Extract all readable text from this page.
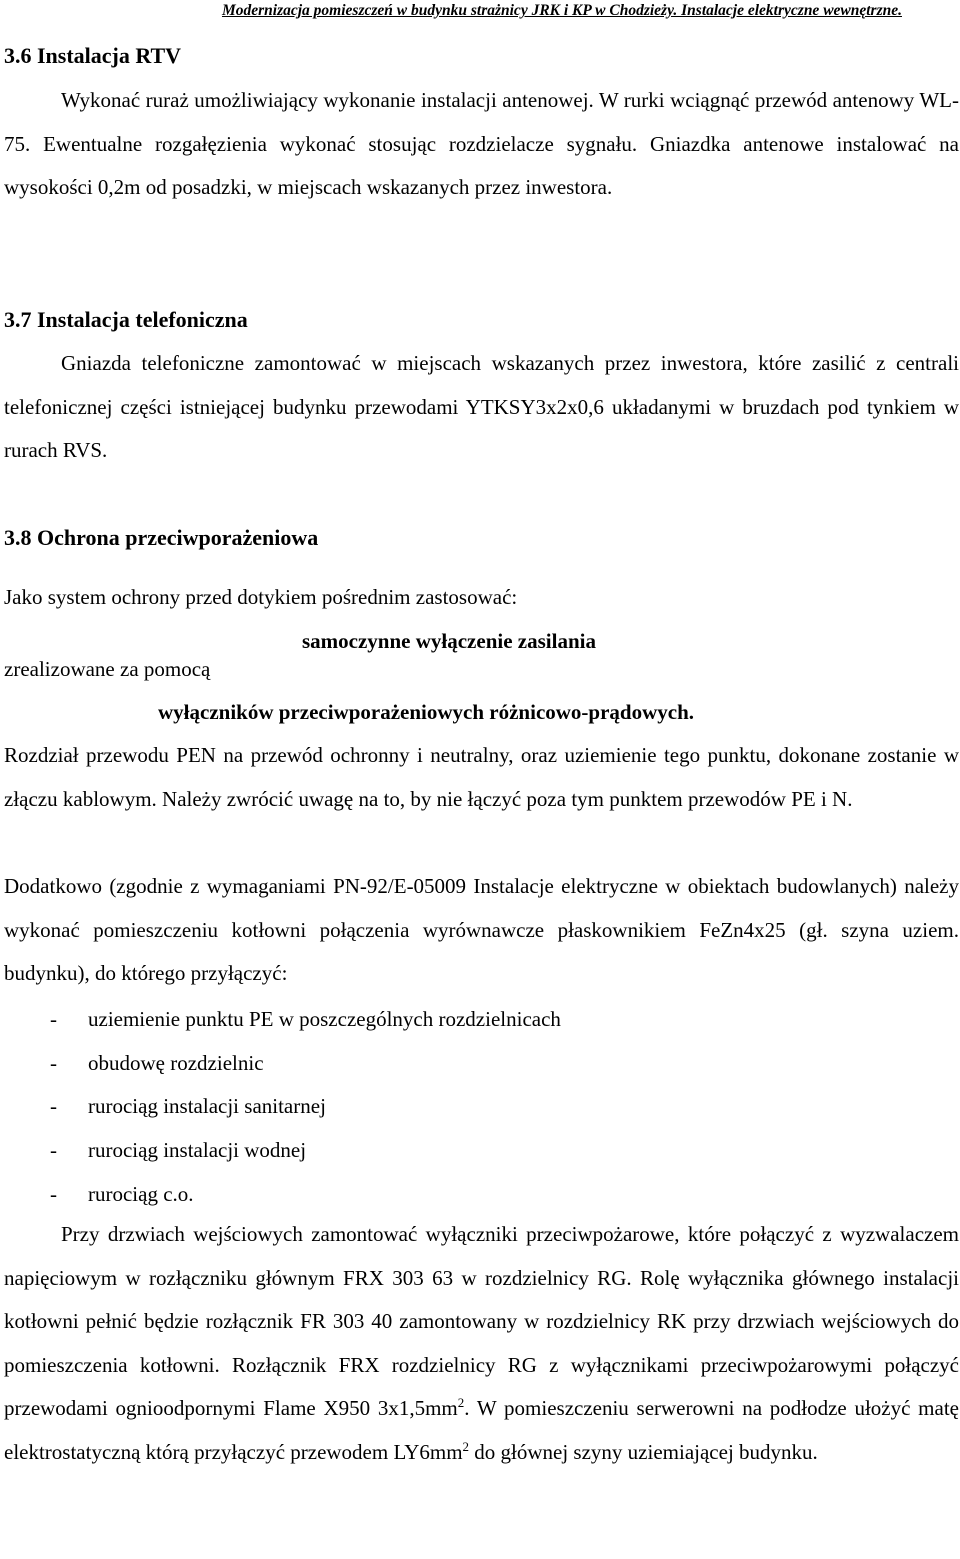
Modernizacja pomieszczeń w budynku strażnicy JRK i KP w Chodzieży. Instalacje elektryczne wewnętrzne.
3.6 Instalacja RTV
Wykonać ruraż umożliwiający wykonanie instalacji antenowej. W rurki wciągnąć przewód antenowy WL-75. Ewentualne rozgałęzienia wykonać stosując rozdzielacze sygnału. Gniazdka antenowe instalować na wysokości 0,2m od posadzki, w miejscach wskazanych przez inwestora.
3.7 Instalacja telefoniczna
Gniazda telefoniczne zamontować w miejscach wskazanych przez inwestora, które zasilić z centrali telefonicznej części istniejącej budynku przewodami YTKSY3x2x0,6 układanymi w bruzdach pod tynkiem w rurach RVS.
3.8 Ochrona przeciwporażeniowa
Jako system ochrony przed dotykiem pośrednim zastosować:
samoczynne wyłączenie zasilania
zrealizowane za pomocą
wyłączników przeciwporażeniowych różnicowo-prądowych.
Rozdział przewodu PEN na przewód ochronny i neutralny, oraz uziemienie tego punktu, dokonane zostanie w złączu kablowym. Należy zwrócić uwagę na to, by nie łączyć poza tym punktem przewodów PE i N.
Dodatkowo (zgodnie z wymaganiami PN-92/E-05009 Instalacje elektryczne w obiektach budowlanych) należy wykonać pomieszczeniu kotłowni połączenia wyrównawcze płaskownikiem FeZn4x25 (gł. szyna uziem. budynku), do którego przyłączyć:
-	uziemienie punktu PE w poszczególnych rozdzielnicach
-	obudowę rozdzielnic
-	rurociąg instalacji sanitarnej
-	rurociąg instalacji wodnej
-	rurociąg c.o.
Przy drzwiach wejściowych zamontować wyłączniki przeciwpożarowe, które połączyć z wyzwalaczem napięciowym w rozłączniku głównym FRX 303 63 w rozdzielnicy RG. Rolę wyłącznika głównego instalacji kotłowni pełnić będzie rozłącznik FR 303 40 zamontowany w rozdzielnicy RK przy drzwiach wejściowych do pomieszczenia kotłowni. Rozłącznik FRX rozdzielnicy RG z wyłącznikami przeciwpożarowymi połączyć przewodami ognioodpornymi Flame X950 $3x1,5mm^2$. W pomieszczeniu serwerowni na podłodze ułożyć matę elektrostatyczną którą przyłączyć przewodem $LY6mm^2$ do głównej szyny uziemiającej budynku.
